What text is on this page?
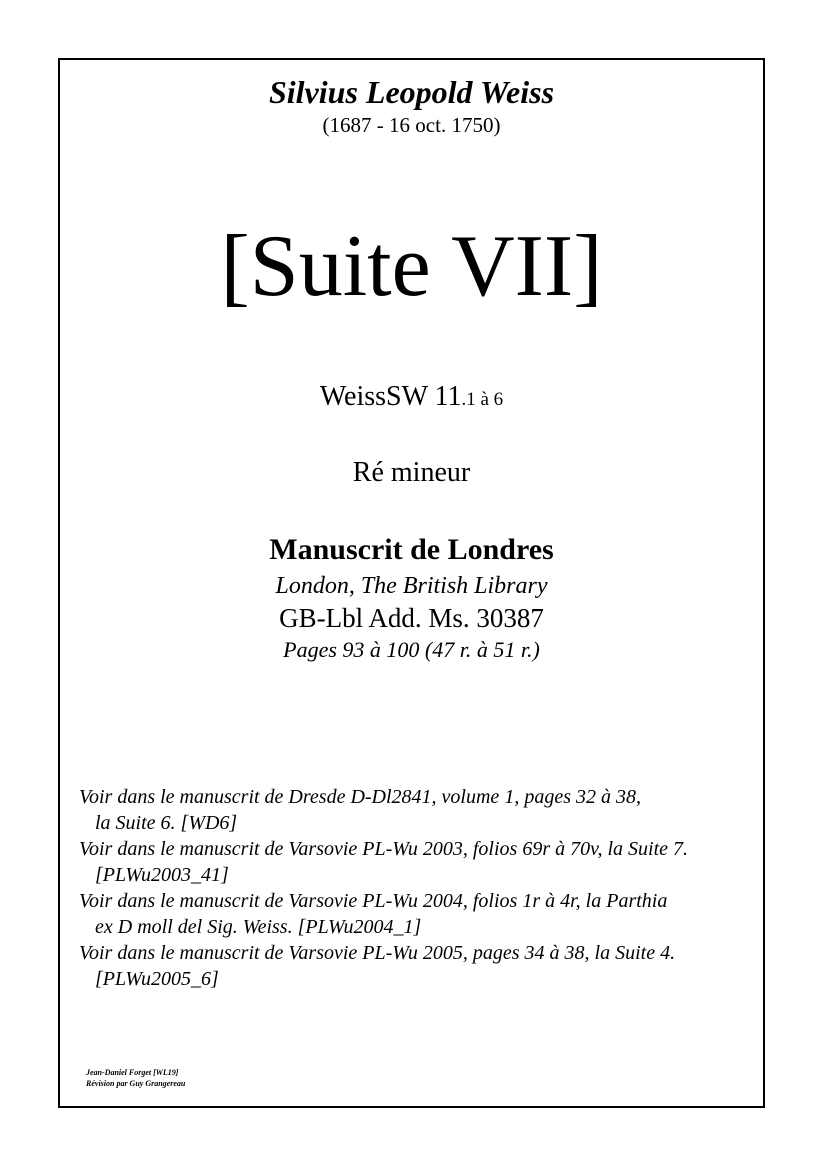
Silvius Leopold Weiss
(1687 - 16 oct. 1750)
[Suite VII]
WeissSW 11.1 à 6
Ré mineur
Manuscrit de Londres
London, The British Library
GB-Lbl Add. Ms. 30387
Pages 93 à 100 (47 r. à 51 r.)
Voir dans le manuscrit de Dresde D-Dl2841, volume 1, pages 32 à 38,
la Suite 6. [WD6]
Voir dans le manuscrit de Varsovie PL-Wu 2003, folios 69r à 70v, la Suite 7.
[PLWu2003_41]
Voir dans le manuscrit de Varsovie PL-Wu 2004, folios 1r à 4r, la Parthia
ex D moll del Sig. Weiss. [PLWu2004_1]
Voir dans le manuscrit de Varsovie PL-Wu 2005, pages 34 à 38, la Suite 4.
[PLWu2005_6]
Jean-Daniel Forget [WL19]
Révision par Guy Grangereau
